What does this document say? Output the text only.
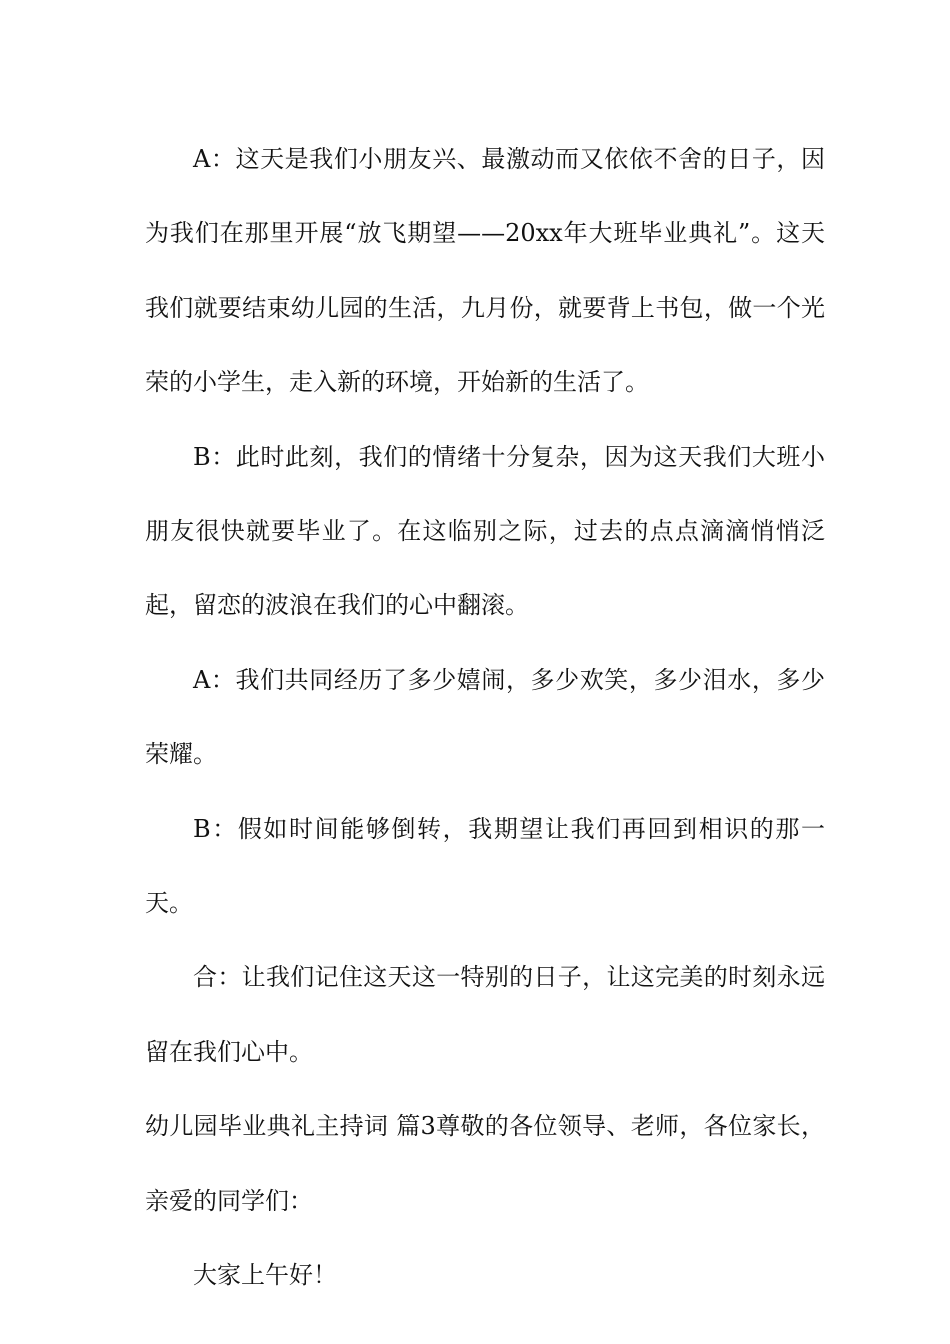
A：这天是我们小朋友兴、最激动而又依依不舍的日子，因为我们在那里开展“放飞期望——20xx年大班毕业典礼”。这天我们就要结束幼儿园的生活，九月份，就要背上书包，做一个光荣的小学生，走入新的环境，开始新的生活了。

B：此时此刻，我们的情绪十分复杂，因为这天我们大班小朋友很快就要毕业了。在这临别之际，过去的点点滴滴悄悄泛起，留恋的波浪在我们的心中翻滚。

A：我们共同经历了多少嬉闹，多少欢笑，多少泪水，多少荣耀。

B：假如时间能够倒转，我期望让我们再回到相识的那一天。

合：让我们记住这天这一特别的日子，让这完美的时刻永远留在我们心中。

幼儿园毕业典礼主持词 篇3尊敬的各位领导、老师，各位家长，亲爱的同学们：

大家上午好！
